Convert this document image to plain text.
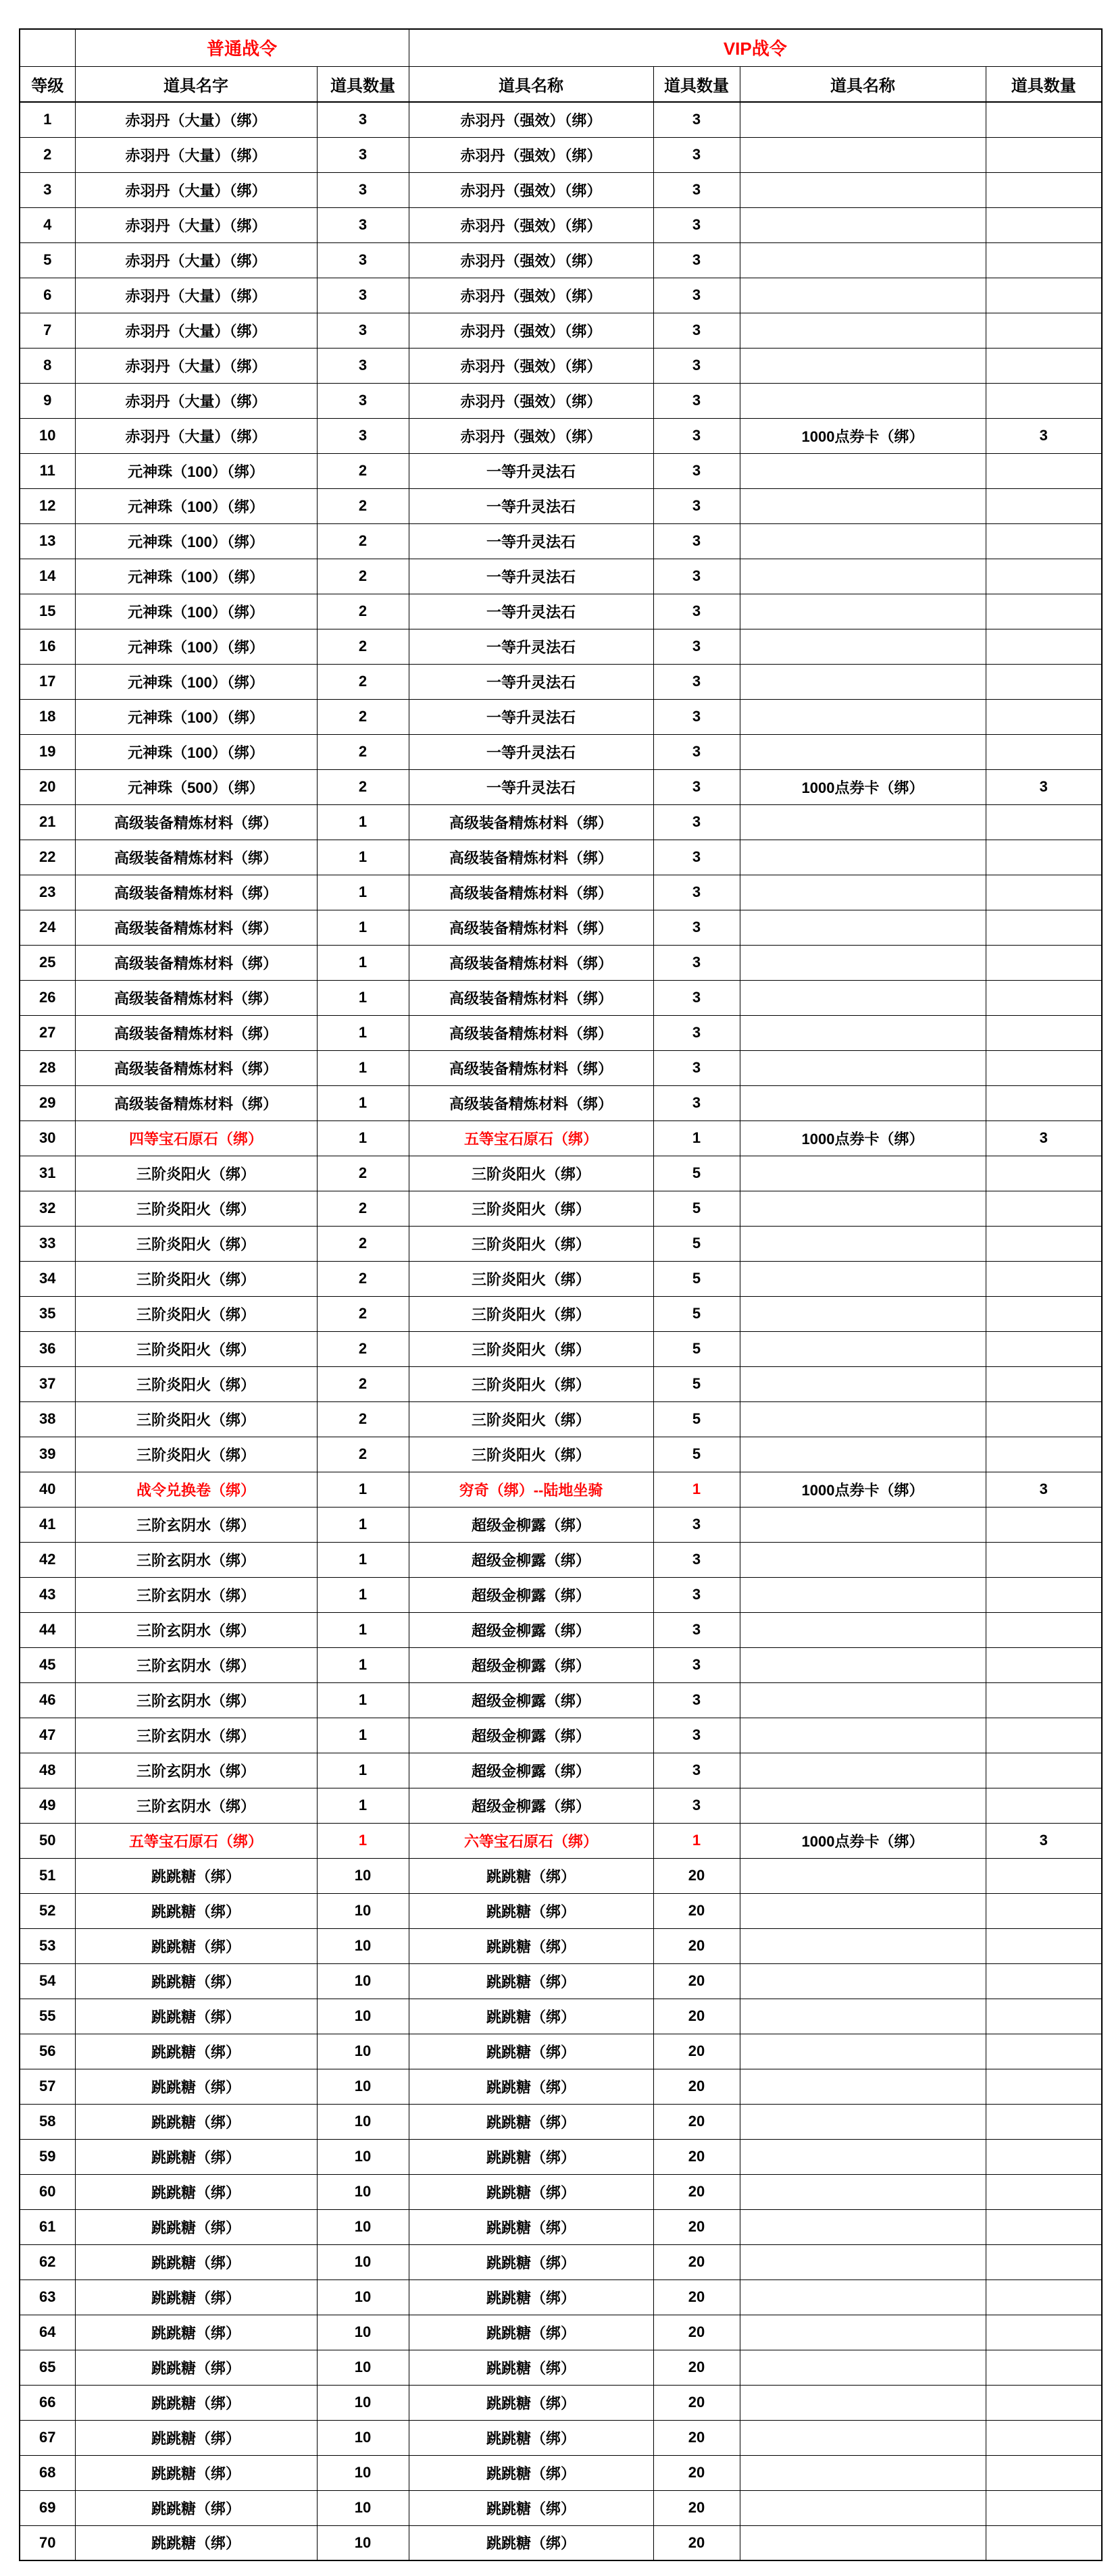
	普通战令		VIP战令			
等级	道具名字	道具数量	道具名称	道具数量	道具名称	道具数量
1	赤羽丹（大量）（绑）	3	赤羽丹（强效）（绑）	3		
2	赤羽丹（大量）（绑）	3	赤羽丹（强效）（绑）	3		
3	赤羽丹（大量）（绑）	3	赤羽丹（强效）（绑）	3		
4	赤羽丹（大量）（绑）	3	赤羽丹（强效）（绑）	3		
5	赤羽丹（大量）（绑）	3	赤羽丹（强效）（绑）	3		
6	赤羽丹（大量）（绑）	3	赤羽丹（强效）（绑）	3		
7	赤羽丹（大量）（绑）	3	赤羽丹（强效）（绑）	3		
8	赤羽丹（大量）（绑）	3	赤羽丹（强效）（绑）	3		
9	赤羽丹（大量）（绑）	3	赤羽丹（强效）（绑）	3		
10	赤羽丹（大量）（绑）	3	赤羽丹（强效）（绑）	3	1000点券卡（绑）	3
11	元神珠（100）（绑）	2	一等升灵法石	3		
12	元神珠（100）（绑）	2	一等升灵法石	3		
13	元神珠（100）（绑）	2	一等升灵法石	3		
14	元神珠（100）（绑）	2	一等升灵法石	3		
15	元神珠（100）（绑）	2	一等升灵法石	3		
16	元神珠（100）（绑）	2	一等升灵法石	3		
17	元神珠（100）（绑）	2	一等升灵法石	3		
18	元神珠（100）（绑）	2	一等升灵法石	3		
19	元神珠（100）（绑）	2	一等升灵法石	3		
20	元神珠（500）（绑）	2	一等升灵法石	3	1000点券卡（绑）	3
21	高级装备精炼材料（绑）	1	高级装备精炼材料（绑）	3		
22	高级装备精炼材料（绑）	1	高级装备精炼材料（绑）	3		
23	高级装备精炼材料（绑）	1	高级装备精炼材料（绑）	3		
24	高级装备精炼材料（绑）	1	高级装备精炼材料（绑）	3		
25	高级装备精炼材料（绑）	1	高级装备精炼材料（绑）	3		
26	高级装备精炼材料（绑）	1	高级装备精炼材料（绑）	3		
27	高级装备精炼材料（绑）	1	高级装备精炼材料（绑）	3		
28	高级装备精炼材料（绑）	1	高级装备精炼材料（绑）	3		
29	高级装备精炼材料（绑）	1	高级装备精炼材料（绑）	3		
30	四等宝石原石（绑）	1	五等宝石原石（绑）	1	1000点券卡（绑）	3
31	三阶炎阳火（绑）	2	三阶炎阳火（绑）	5		
32	三阶炎阳火（绑）	2	三阶炎阳火（绑）	5		
33	三阶炎阳火（绑）	2	三阶炎阳火（绑）	5		
34	三阶炎阳火（绑）	2	三阶炎阳火（绑）	5		
35	三阶炎阳火（绑）	2	三阶炎阳火（绑）	5		
36	三阶炎阳火（绑）	2	三阶炎阳火（绑）	5		
37	三阶炎阳火（绑）	2	三阶炎阳火（绑）	5		
38	三阶炎阳火（绑）	2	三阶炎阳火（绑）	5		
39	三阶炎阳火（绑）	2	三阶炎阳火（绑）	5		
40	战令兑换卷（绑）	1	穷奇（绑）--陆地坐骑	1	1000点券卡（绑）	3
41	三阶玄阴水（绑）	1	超级金柳露（绑）	3		
42	三阶玄阴水（绑）	1	超级金柳露（绑）	3		
43	三阶玄阴水（绑）	1	超级金柳露（绑）	3		
44	三阶玄阴水（绑）	1	超级金柳露（绑）	3		
45	三阶玄阴水（绑）	1	超级金柳露（绑）	3		
46	三阶玄阴水（绑）	1	超级金柳露（绑）	3		
47	三阶玄阴水（绑）	1	超级金柳露（绑）	3		
48	三阶玄阴水（绑）	1	超级金柳露（绑）	3		
49	三阶玄阴水（绑）	1	超级金柳露（绑）	3		
50	五等宝石原石（绑）	1	六等宝石原石（绑）	1	1000点券卡（绑）	3
51	跳跳糖（绑）	10	跳跳糖（绑）	20		
52	跳跳糖（绑）	10	跳跳糖（绑）	20		
53	跳跳糖（绑）	10	跳跳糖（绑）	20		
54	跳跳糖（绑）	10	跳跳糖（绑）	20		
55	跳跳糖（绑）	10	跳跳糖（绑）	20		
56	跳跳糖（绑）	10	跳跳糖（绑）	20		
57	跳跳糖（绑）	10	跳跳糖（绑）	20		
58	跳跳糖（绑）	10	跳跳糖（绑）	20		
59	跳跳糖（绑）	10	跳跳糖（绑）	20		
60	跳跳糖（绑）	10	跳跳糖（绑）	20		
61	跳跳糖（绑）	10	跳跳糖（绑）	20		
62	跳跳糖（绑）	10	跳跳糖（绑）	20		
63	跳跳糖（绑）	10	跳跳糖（绑）	20		
64	跳跳糖（绑）	10	跳跳糖（绑）	20		
65	跳跳糖（绑）	10	跳跳糖（绑）	20		
66	跳跳糖（绑）	10	跳跳糖（绑）	20		
67	跳跳糖（绑）	10	跳跳糖（绑）	20		
68	跳跳糖（绑）	10	跳跳糖（绑）	20		
69	跳跳糖（绑）	10	跳跳糖（绑）	20		
70	跳跳糖（绑）	10	跳跳糖（绑）	20		
